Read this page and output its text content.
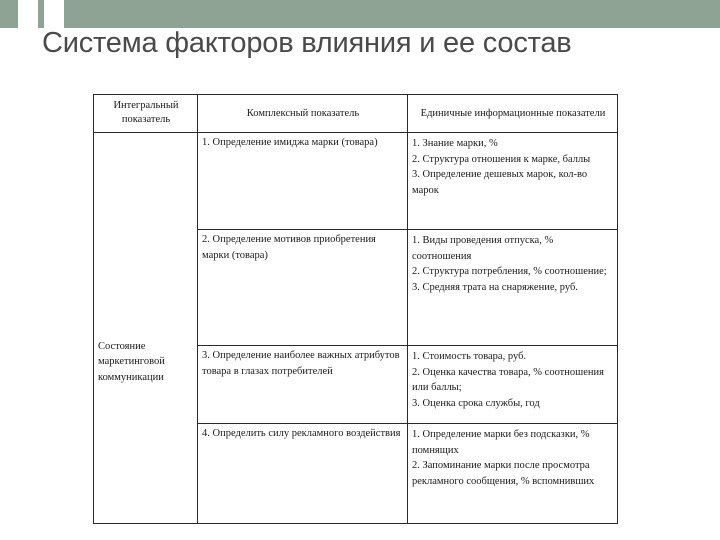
Система факторов влияния и ее состав
Интегральный показатель	Комплексный показатель	Единичные информационные показатели
Состояние маркетинговой коммуникации	1. Определение имиджа марки (товара)	1. Знание марки, %
2. Структура отношения к марке, баллы
3. Определение дешевых марок, кол-во марок

	2. Определение мотивов приобретения марки (товара)	1. Виды проведения отпуска, % соотношения
2. Структура потребления, % соотношение;
3. Средняя трата на снаряжение, руб.

	3. Определение наиболее важных атрибутов товара в глазах потребителей	1. Стоимость товара, руб.
2. Оценка качества товара, % соотношения или баллы;
3. Оценка срока службы, год

	4. Определить силу рекламного воздействия	1. Определение марки без подсказки, % помнящих
2. Запоминание марки после просмотра рекламного сообщения, % вспомнивших
